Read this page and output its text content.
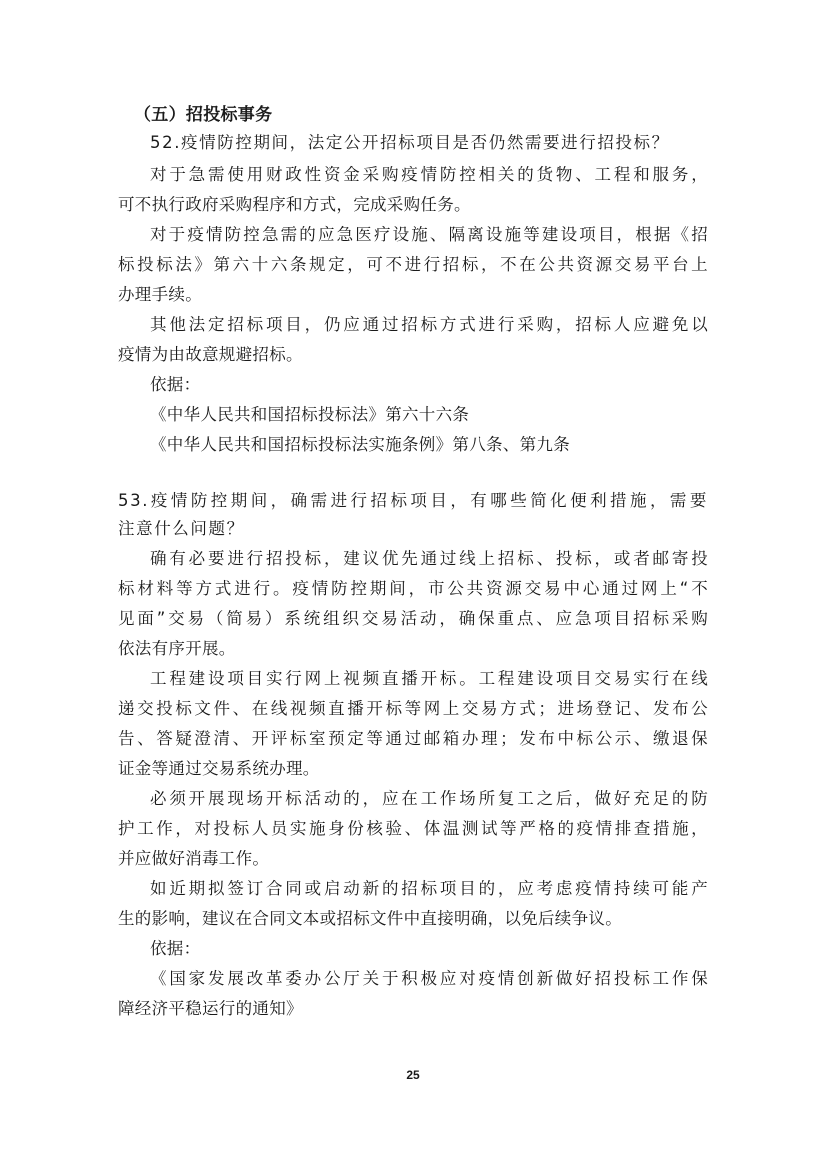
（五）招投标事务
52.疫情防控期间，法定公开招标项目是否仍然需要进行招投标？
对于急需使用财政性资金采购疫情防控相关的货物、工程和服务，
可不执行政府采购程序和方式，完成采购任务。
对于疫情防控急需的应急医疗设施、隔离设施等建设项目，根据《招
标投标法》第六十六条规定，可不进行招标，不在公共资源交易平台上
办理手续。
其他法定招标项目，仍应通过招标方式进行采购，招标人应避免以
疫情为由故意规避招标。
依据：
《中华人民共和国招标投标法》第六十六条
《中华人民共和国招标投标法实施条例》第八条、第九条
53.疫情防控期间，确需进行招标项目，有哪些简化便利措施，需要
注意什么问题？
确有必要进行招投标，建议优先通过线上招标、投标，或者邮寄投
标材料等方式进行。疫情防控期间，市公共资源交易中心通过网上“不
见面”交易（简易）系统组织交易活动，确保重点、应急项目招标采购
依法有序开展。
工程建设项目实行网上视频直播开标。工程建设项目交易实行在线
递交投标文件、在线视频直播开标等网上交易方式；进场登记、发布公
告、答疑澄清、开评标室预定等通过邮箱办理；发布中标公示、缴退保
证金等通过交易系统办理。
必须开展现场开标活动的，应在工作场所复工之后，做好充足的防
护工作，对投标人员实施身份核验、体温测试等严格的疫情排查措施，
并应做好消毒工作。
如近期拟签订合同或启动新的招标项目的，应考虑疫情持续可能产
生的影响，建议在合同文本或招标文件中直接明确，以免后续争议。
依据：
《国家发展改革委办公厅关于积极应对疫情创新做好招投标工作保
障经济平稳运行的通知》
25
